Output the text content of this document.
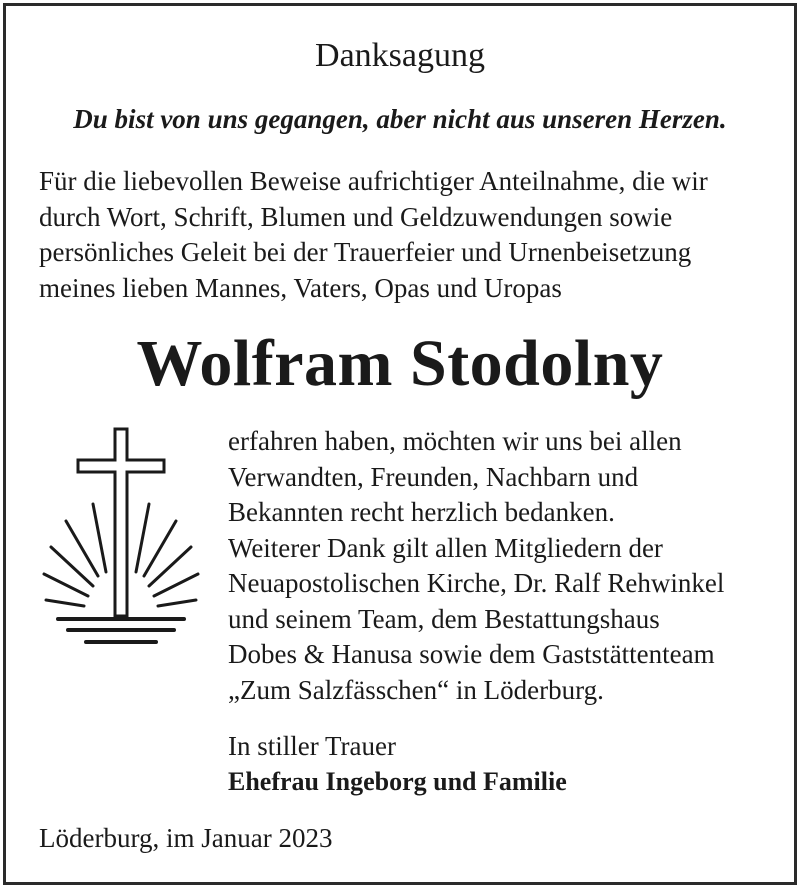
Danksagung
Du bist von uns gegangen, aber nicht aus unseren Herzen.
Für die liebevollen Beweise aufrichtiger Anteilnahme, die wir
durch Wort, Schrift, Blumen und Geldzuwendungen sowie
persönliches Geleit bei der Trauerfeier und Urnenbeisetzung
meines lieben Mannes, Vaters, Opas und Uropas
Wolfram Stodolny
erfahren haben, möchten wir uns bei allen
Verwandten, Freunden, Nachbarn und
Bekannten recht herzlich bedanken.
Weiterer Dank gilt allen Mitgliedern der
Neuapostolischen Kirche, Dr. Ralf Rehwinkel
und seinem Team, dem Bestattungshaus
Dobes & Hanusa sowie dem Gaststättenteam
„Zum Salzfässchen“ in Löderburg.
In stiller Trauer
Ehefrau Ingeborg und Familie
Löderburg, im Januar 2023
